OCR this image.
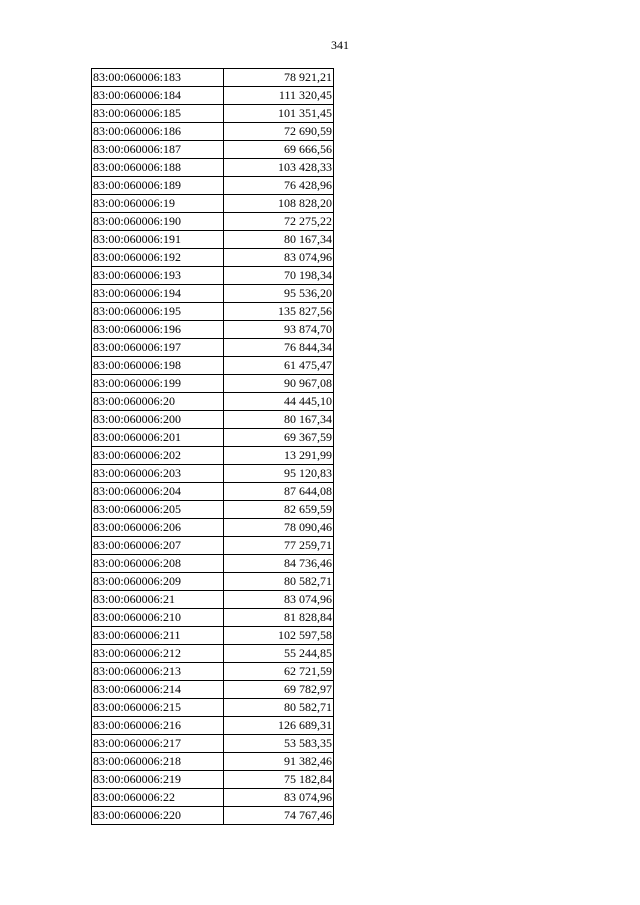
341
83:00:060006:183	78 921,21
83:00:060006:184	111 320,45
83:00:060006:185	101 351,45
83:00:060006:186	72 690,59
83:00:060006:187	69 666,56
83:00:060006:188	103 428,33
83:00:060006:189	76 428,96
83:00:060006:19	108 828,20
83:00:060006:190	72 275,22
83:00:060006:191	80 167,34
83:00:060006:192	83 074,96
83:00:060006:193	70 198,34
83:00:060006:194	95 536,20
83:00:060006:195	135 827,56
83:00:060006:196	93 874,70
83:00:060006:197	76 844,34
83:00:060006:198	61 475,47
83:00:060006:199	90 967,08
83:00:060006:20	44 445,10
83:00:060006:200	80 167,34
83:00:060006:201	69 367,59
83:00:060006:202	13 291,99
83:00:060006:203	95 120,83
83:00:060006:204	87 644,08
83:00:060006:205	82 659,59
83:00:060006:206	78 090,46
83:00:060006:207	77 259,71
83:00:060006:208	84 736,46
83:00:060006:209	80 582,71
83:00:060006:21	83 074,96
83:00:060006:210	81 828,84
83:00:060006:211	102 597,58
83:00:060006:212	55 244,85
83:00:060006:213	62 721,59
83:00:060006:214	69 782,97
83:00:060006:215	80 582,71
83:00:060006:216	126 689,31
83:00:060006:217	53 583,35
83:00:060006:218	91 382,46
83:00:060006:219	75 182,84
83:00:060006:22	83 074,96
83:00:060006:220	74 767,46
